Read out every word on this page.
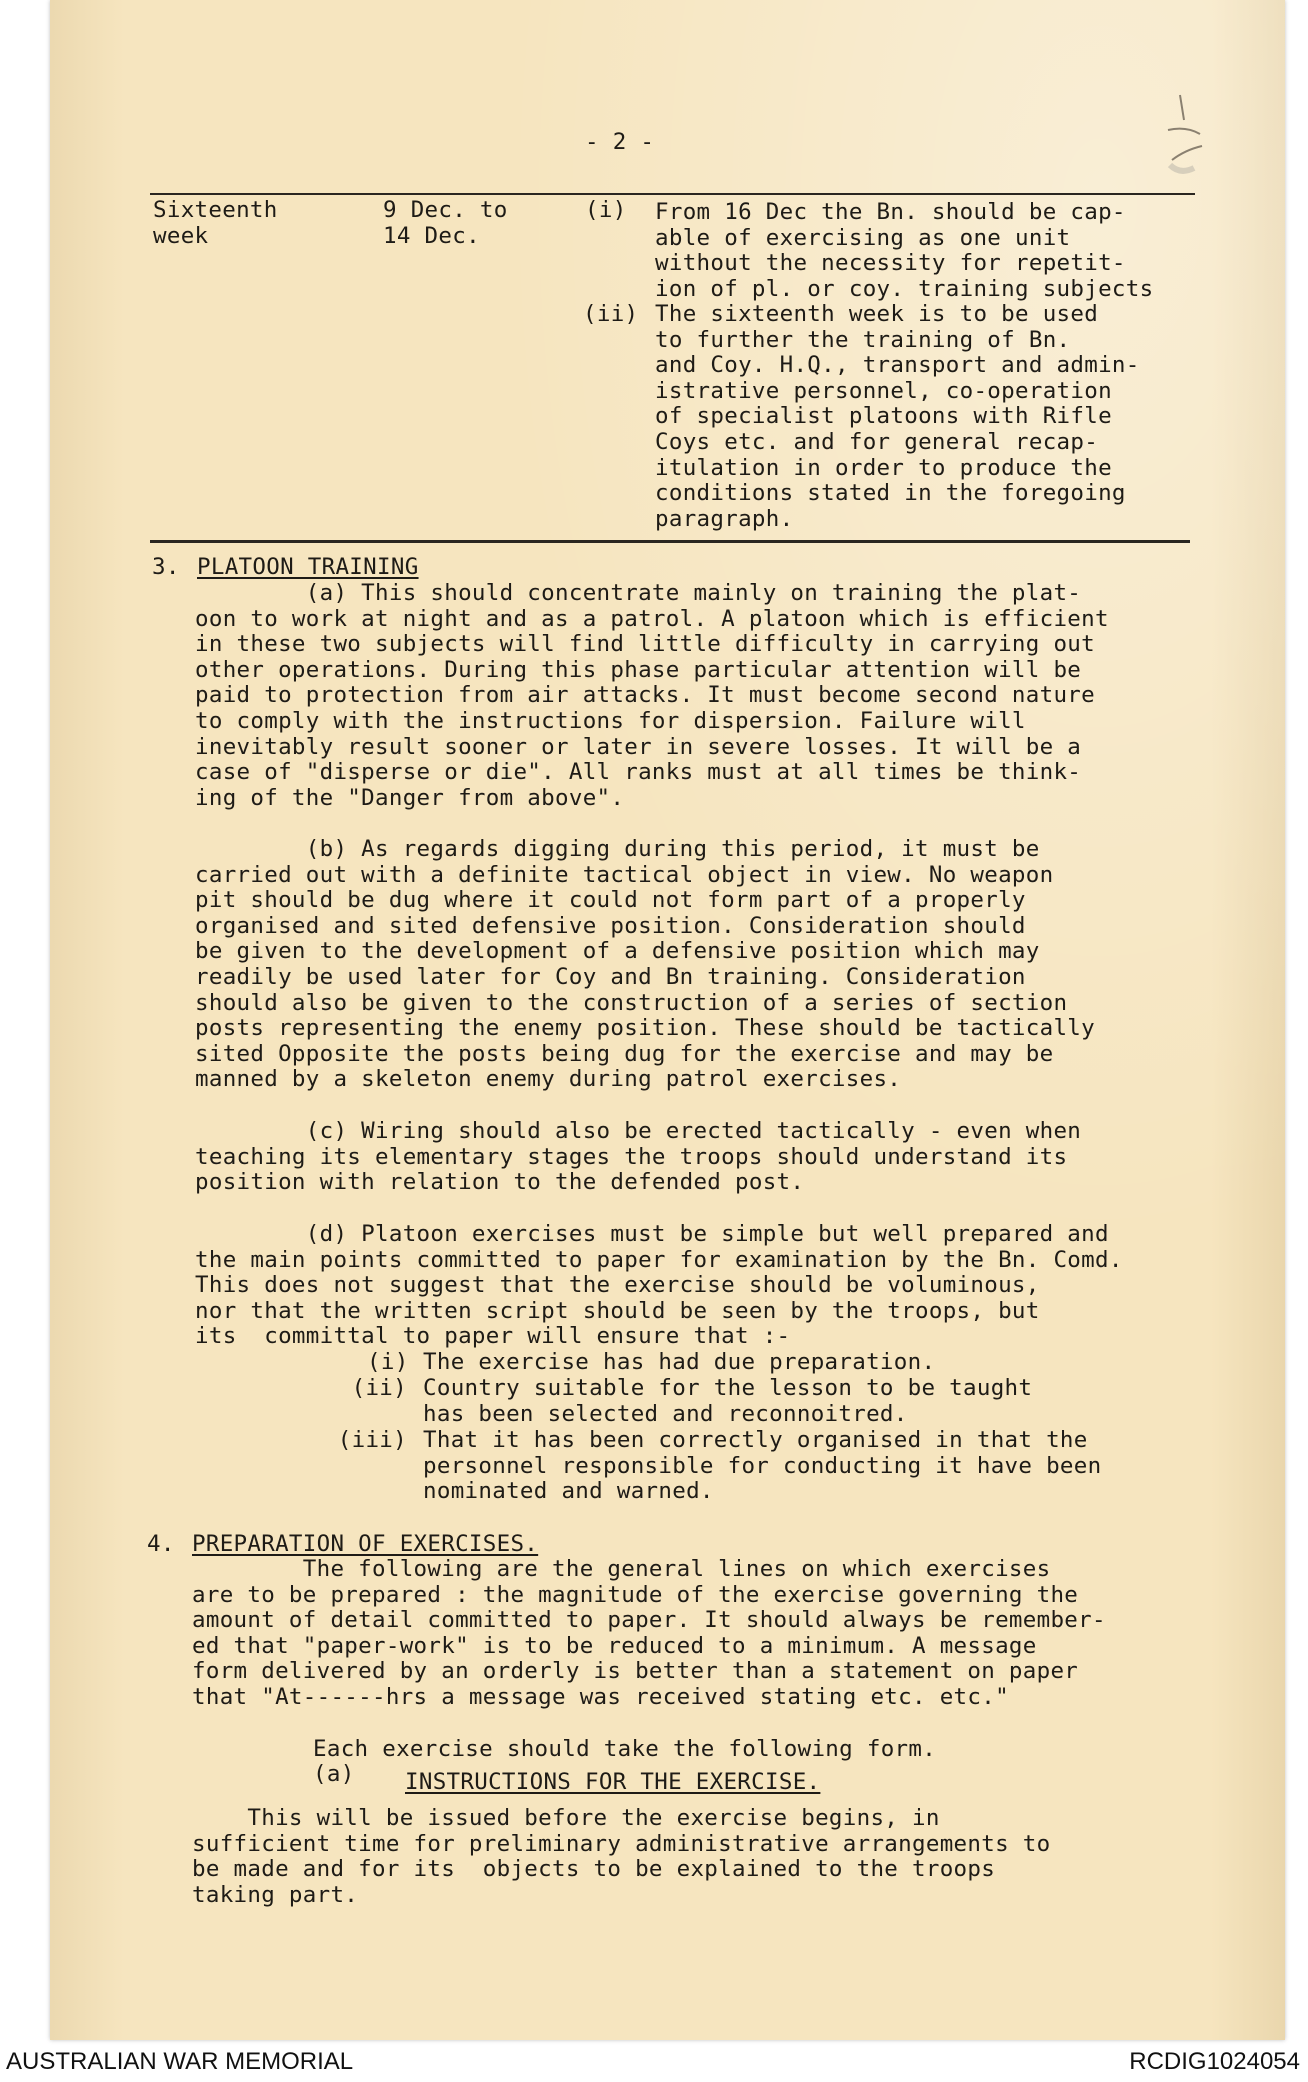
- 2 -
Sixteenth
week
9 Dec. to
14 Dec.
(i) From 16 Dec the Bn. should be cap-
able of exercising as one unit
without the necessity for repetit-
ion of pl. or coy. training subjects
(ii) The sixteenth week is to be used
to further the training of Bn.
and Coy. H.Q., transport and admin-
istrative personnel, co-operation
of specialist platoons with Rifle
Coys etc. and for general recap-
itulation in order to produce the
conditions stated in the foregoing
paragraph.
3. PLATOON TRAINING
(a) This should concentrate mainly on training the plat-
oon to work at night and as a patrol. A platoon which is efficient
in these two subjects will find little difficulty in carrying out
other operations. During this phase particular attention will be
paid to protection from air attacks. It must become second nature
to comply with the instructions for dispersion. Failure will
inevitably result sooner or later in severe losses. It will be a
case of "disperse or die". All ranks must at all times be think-
ing of the "Danger from above".
(b) As regards digging during this period, it must be
carried out with a definite tactical object in view. No weapon
pit should be dug where it could not form part of a properly
organised and sited defensive position. Consideration should
be given to the development of a defensive position which may
readily be used later for Coy and Bn training. Consideration
should also be given to the construction of a series of section
posts representing the enemy position. These should be tactically
sited Opposite the posts being dug for the exercise and may be
manned by a skeleton enemy during patrol exercises.
(c) Wiring should also be erected tactically - even when
teaching its elementary stages the troops should understand its
position with relation to the defended post.
(d) Platoon exercises must be simple but well prepared and
the main points committed to paper for examination by the Bn. Comd.
This does not suggest that the exercise should be voluminous,
nor that the written script should be seen by the troops, but
its  committal to paper will ensure that :-
(i) The exercise has had due preparation.
(ii) Country suitable for the lesson to be taught
has been selected and reconnoitred.
(iii) That it has been correctly organised in that the
personnel responsible for conducting it have been
nominated and warned.
4. PREPARATION OF EXERCISES.
The following are the general lines on which exercises
are to be prepared : the magnitude of the exercise governing the
amount of detail committed to paper. It should always be remember-
ed that "paper-work" is to be reduced to a minimum. A message
form delivered by an orderly is better than a statement on paper
that "At------hrs a message was received stating etc. etc."
Each exercise should take the following form.
(a) INSTRUCTIONS FOR THE EXERCISE.
This will be issued before the exercise begins, in
sufficient time for preliminary administrative arrangements to
be made and for its  objects to be explained to the troops
taking part.
AUSTRALIAN WAR MEMORIAL	RCDIG1024054
